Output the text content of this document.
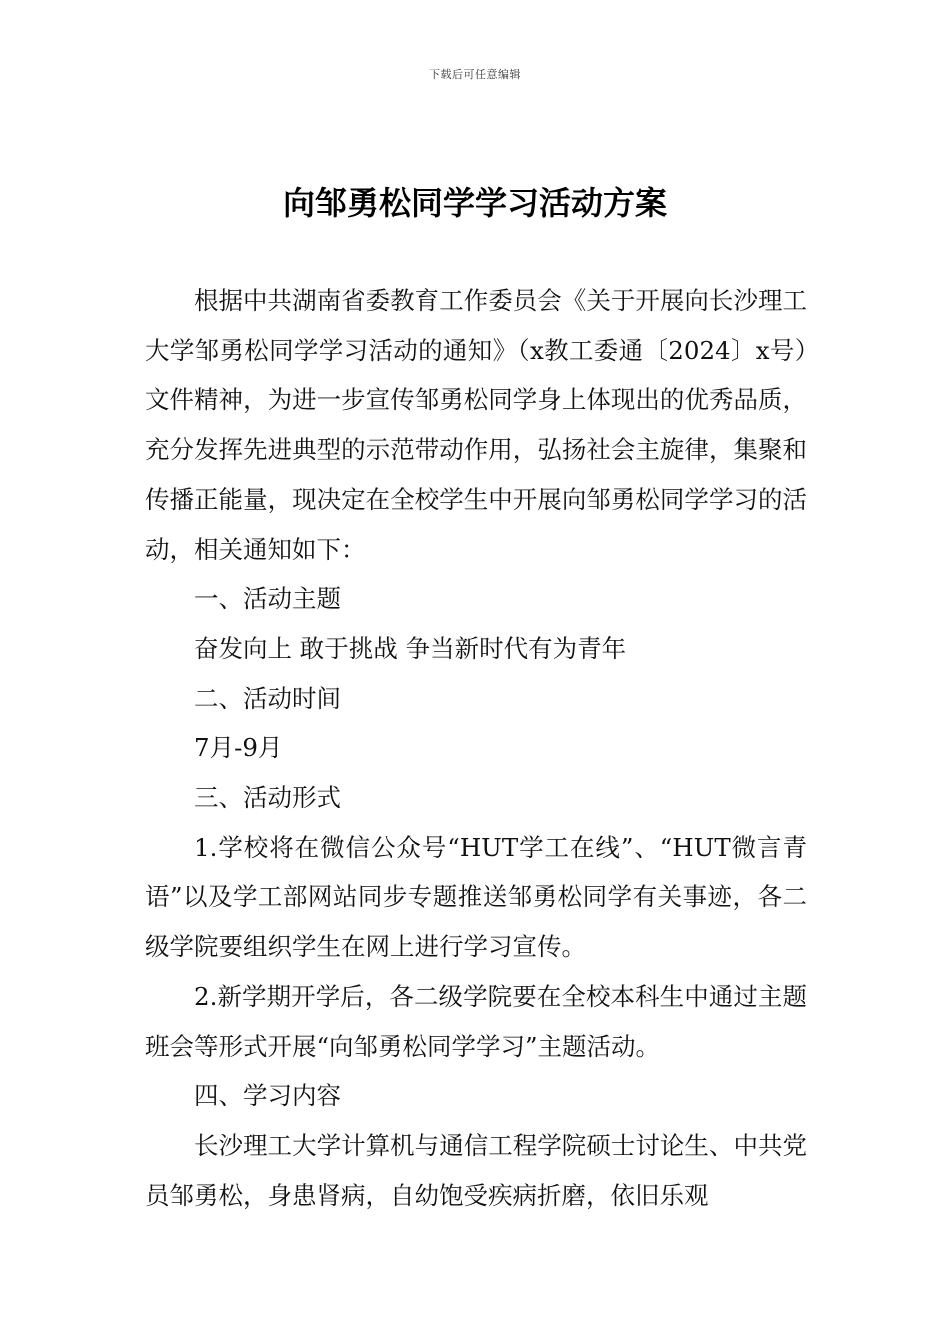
下载后可任意编辑
向邹勇松同学学习活动方案

根据中共湖南省委教育工作委员会《关于开展向长沙理工大学邹勇松同学学习活动的通知》（x教工委通〔2024〕x号）文件精神，为进一步宣传邹勇松同学身上体现出的优秀品质，充分发挥先进典型的示范带动作用，弘扬社会主旋律，集聚和传播正能量，现决定在全校学生中开展向邹勇松同学学习的活动，相关通知如下：

一、活动主题

奋发向上 敢于挑战 争当新时代有为青年

二、活动时间

7月-9月

三、活动形式

1.学校将在微信公众号“HUT学工在线”、“HUT微言青语”以及学工部网站同步专题推送邹勇松同学有关事迹，各二级学院要组织学生在网上进行学习宣传。

2.新学期开学后，各二级学院要在全校本科生中通过主题班会等形式开展“向邹勇松同学学习”主题活动。

四、学习内容

长沙理工大学计算机与通信工程学院硕士讨论生、中共党员邹勇松，身患肾病，自幼饱受疾病折磨，依旧乐观
